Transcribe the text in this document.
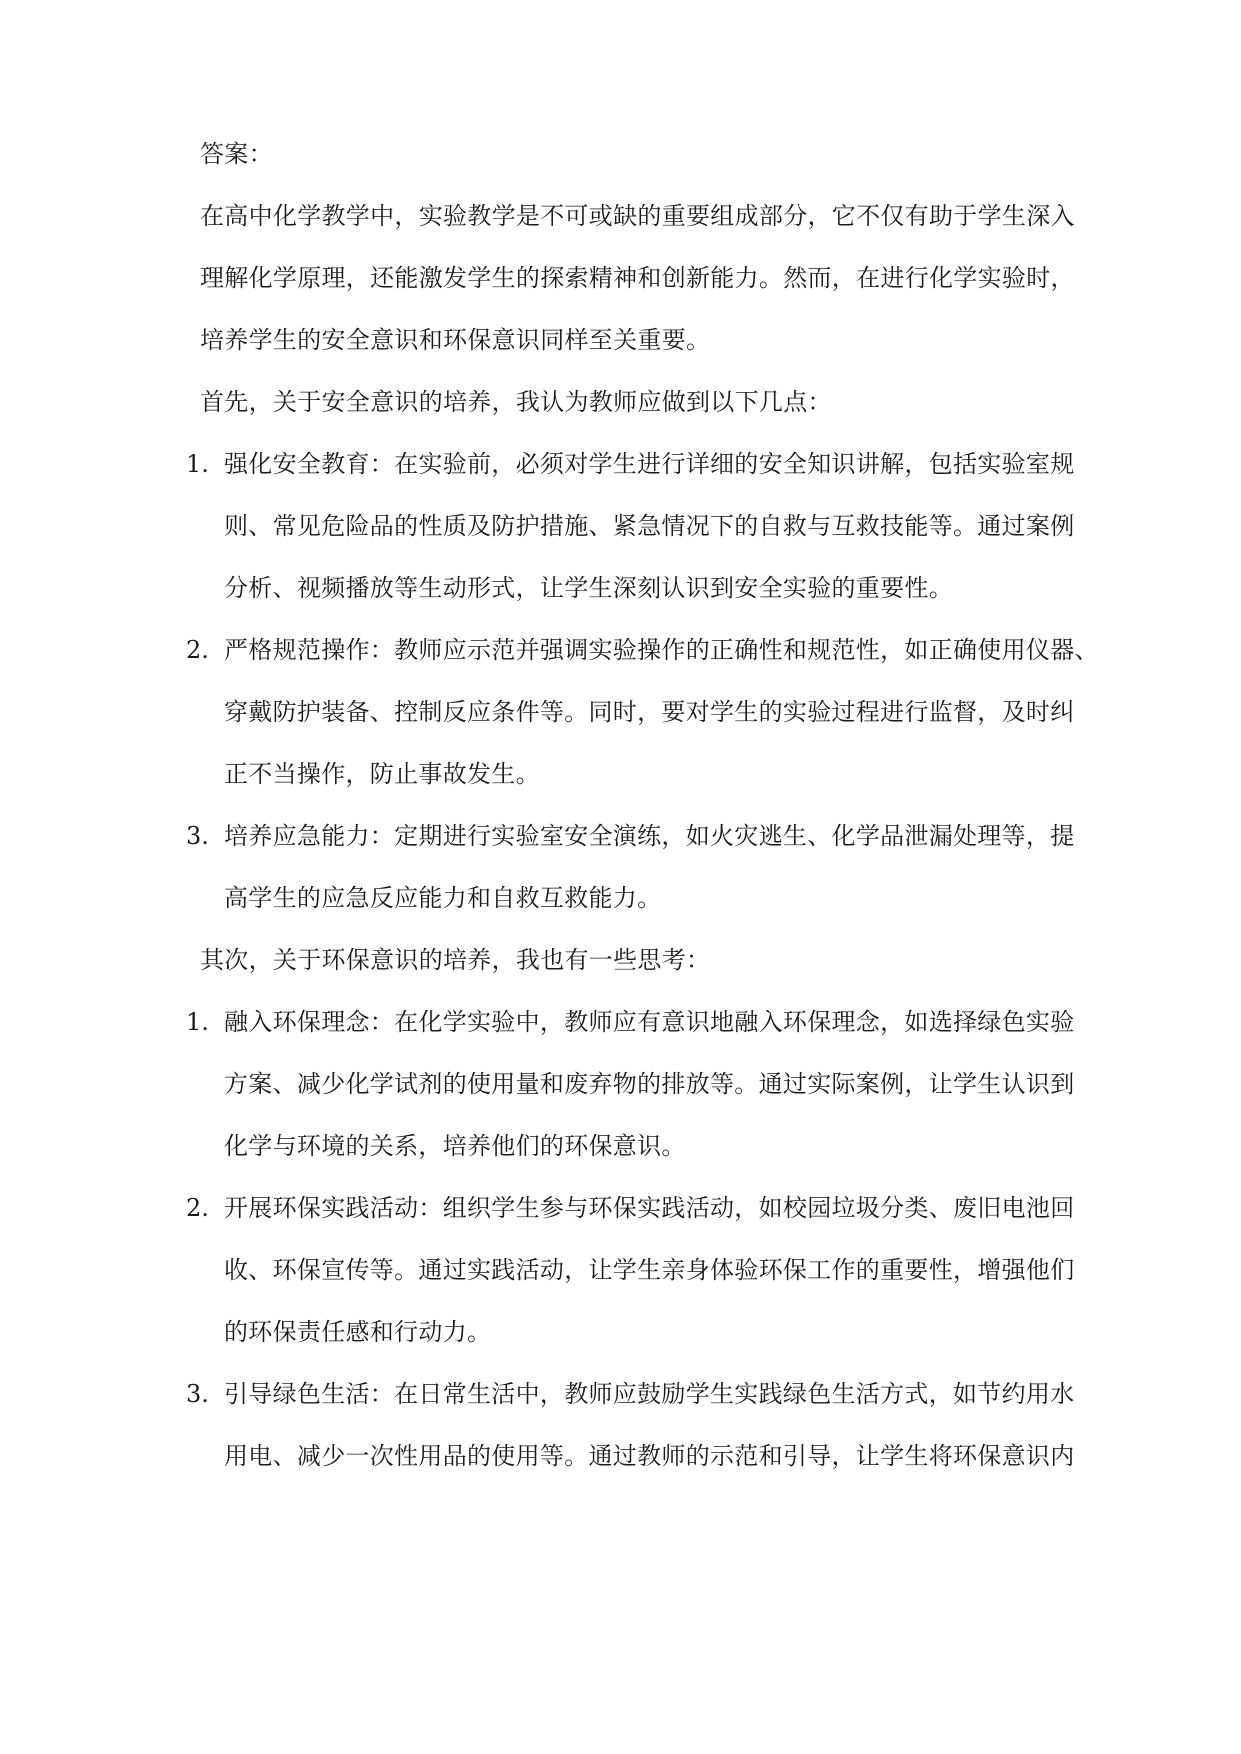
答案：
在高中化学教学中，实验教学是不可或缺的重要组成部分，它不仅有助于学生深入
理解化学原理，还能激发学生的探索精神和创新能力。然而，在进行化学实验时，
培养学生的安全意识和环保意识同样至关重要。
首先，关于安全意识的培养，我认为教师应做到以下几点：
1. 强化安全教育：在实验前，必须对学生进行详细的安全知识讲解，包括实验室规
则、常见危险品的性质及防护措施、紧急情况下的自救与互救技能等。通过案例
分析、视频播放等生动形式，让学生深刻认识到安全实验的重要性。
2. 严格规范操作：教师应示范并强调实验操作的正确性和规范性，如正确使用仪器、
穿戴防护装备、控制反应条件等。同时，要对学生的实验过程进行监督，及时纠
正不当操作，防止事故发生。
3. 培养应急能力：定期进行实验室安全演练，如火灾逃生、化学品泄漏处理等，提
高学生的应急反应能力和自救互救能力。
其次，关于环保意识的培养，我也有一些思考：
1. 融入环保理念：在化学实验中，教师应有意识地融入环保理念，如选择绿色实验
方案、减少化学试剂的使用量和废弃物的排放等。通过实际案例，让学生认识到
化学与环境的关系，培养他们的环保意识。
2. 开展环保实践活动：组织学生参与环保实践活动，如校园垃圾分类、废旧电池回
收、环保宣传等。通过实践活动，让学生亲身体验环保工作的重要性，增强他们
的环保责任感和行动力。
3. 引导绿色生活：在日常生活中，教师应鼓励学生实践绿色生活方式，如节约用水
用电、减少一次性用品的使用等。通过教师的示范和引导，让学生将环保意识内
